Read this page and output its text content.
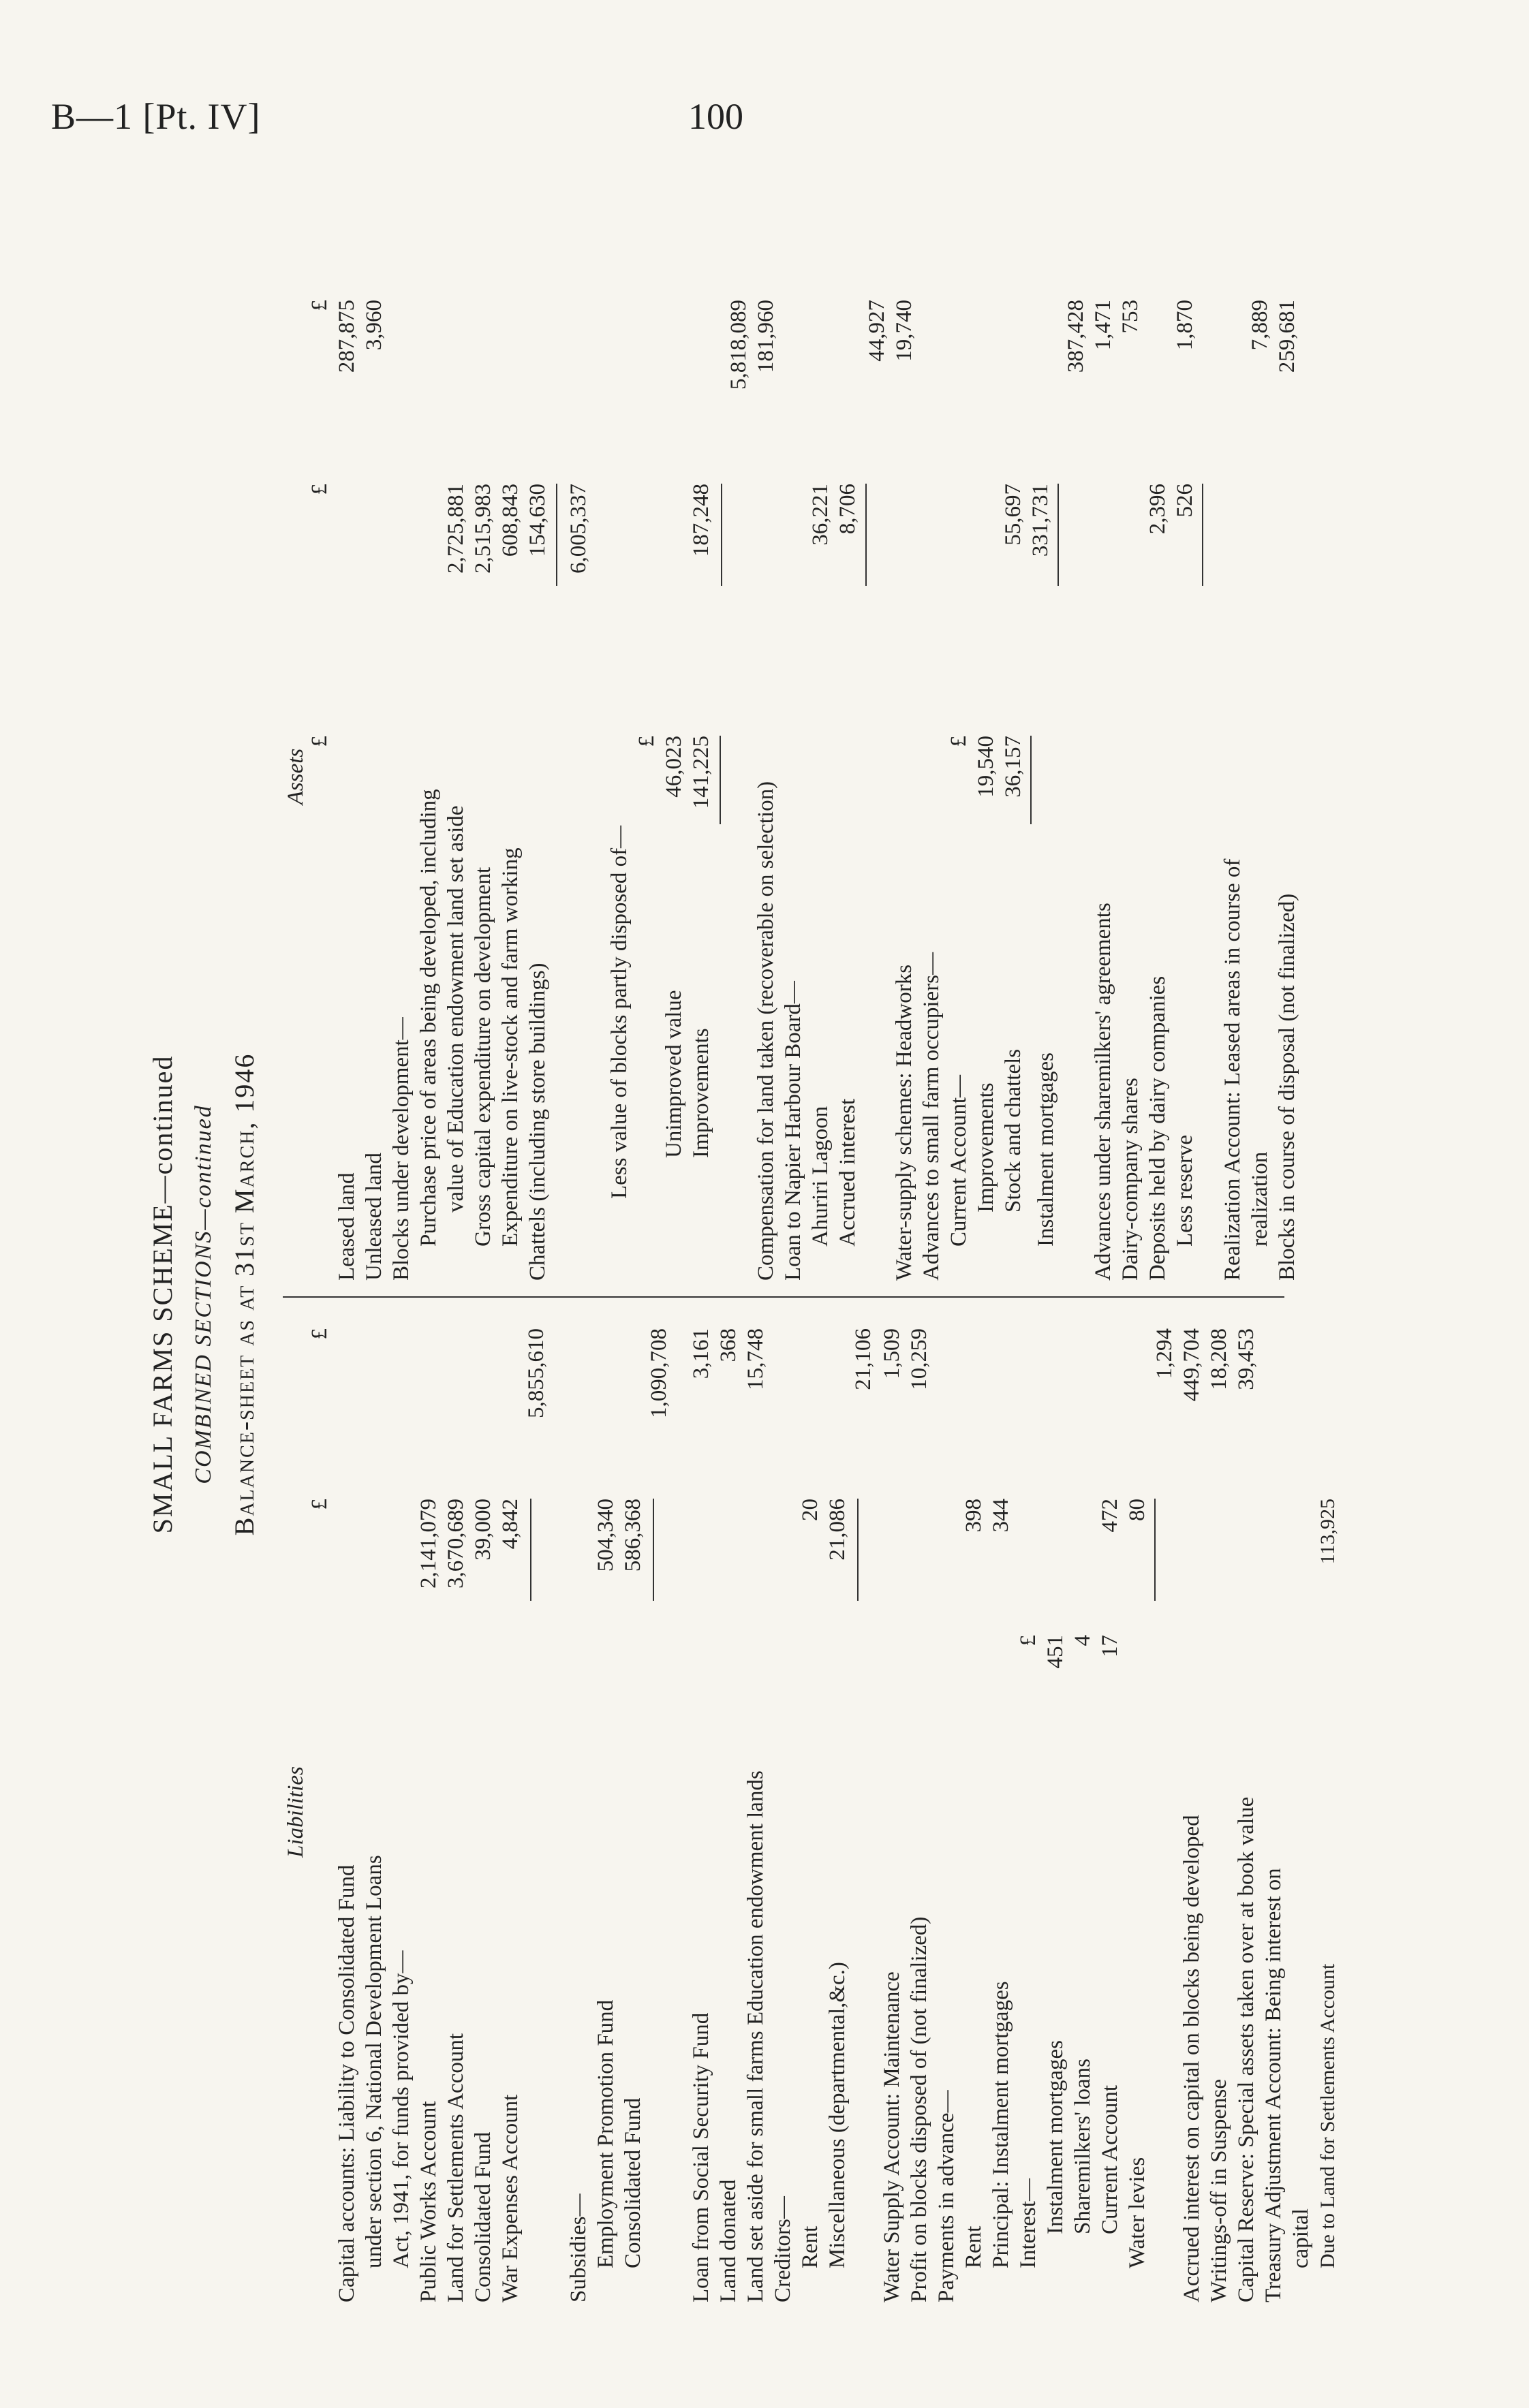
B—1 [Pt. IV]	100
SMALL FARMS SCHEME—continued COMBINED SECTIONS—continued Balance-sheet as at 31st March, 1946
Liabilities
Assets
£
£
Capital accounts: Liability to Consolidated Fund under section 6, National Development Loans Act, 1941, for funds provided by— Public Works Account
2,141,079
Land for Settlements Account
3,670,689
Consolidated Fund
39,000
War Expenses Account
4,842
5,855,610
Subsidies— Employment Promotion Fund
504,340
Consolidated Fund
586,368
1,090,708
Loan from Social Security Fund
3,161
Land donated
368
Land set aside for small farms Education endowment lands
15,748
Creditors— Rent
20
Miscellaneous (departmental,&c.)
21,086
21,106
Water Supply Account: Maintenance
1,509
Profit on blocks disposed of (not finalized)
10,259
Payments in advance— Rent
398
Principal: Instalment mortgages
344
Interest—
£
Instalment mortgages
451
Sharemilkers' loans
4
Current Account
17
472
Water levies
80
1,294
Accrued interest on capital on blocks being developed
449,704
Writings-off in Suspense
18,208
Capital Reserve: Special assets taken over at book value
39,453
Treasury Adjustment Account: Being interest on capital Due to Land for Settlements Account
113,925
£
£
£
Leased land
287,875
Unleased land
3,960
Blocks under development— Purchase price of areas being developed, including value of Education endowment land set aside
2,725,881
Gross capital expenditure on development
2,515,983
Expenditure on live-stock and farm working
608,843
Chattels (including store buildings)
154,630 6,005,337
Less value of blocks partly disposed of—
£
Unimproved value
46,023
Improvements
141,225
187,248
5,818,089
Compensation for land taken (recoverable on selection)
181,960
Loan to Napier Harbour Board— Ahuriri Lagoon
36,221
Accrued interest
8,706
44,927
Water-supply schemes: Headworks
19,740
Advances to small farm occupiers— Current Account—
£
Improvements
19,540
Stock and chattels
36,157
55,697
Instalment mortgages
331,731
387,428
Advances under sharemilkers' agreements
1,471
Dairy-company shares
753
Deposits held by dairy companies
2,396
Less reserve
526
1,870
Realization Account: Leased areas in course of realization
7,889
Blocks in course of disposal (not finalized)
259,681
